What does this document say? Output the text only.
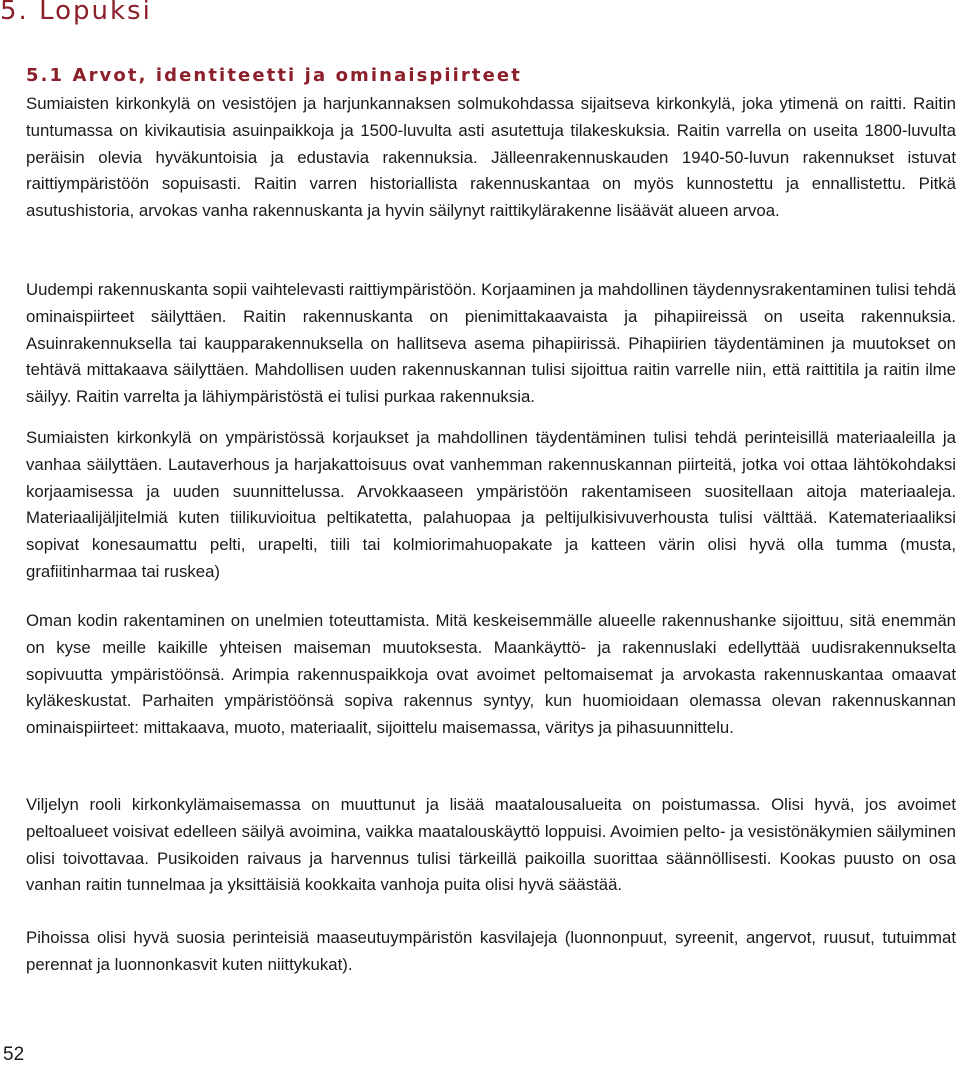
5. Lopuksi
5.1 Arvot, identiteetti ja ominaispiirteet

Sumiaisten kirkonkylä on vesistöjen ja harjunkannaksen solmukohdassa sijaitseva kirkonkylä, joka ytimenä on raitti. Raitin tuntumassa on kivikautisia asuinpaikkoja ja 1500-luvulta asti asutettuja tilakeskuksia. Raitin varrella on useita 1800-luvulta peräisin olevia hyväkuntoisia ja edustavia rakennuksia. Jälleenrakennuskauden 1940-50-luvun rakennukset istuvat raittiympäristöön sopuisasti. Raitin varren historiallista rakennuskantaa on myös kunnostettu ja ennallistettu. Pitkä asutushistoria, arvokas vanha rakennuskanta ja hyvin säilynyt raittikylärakenne lisäävät alueen arvoa.

Uudempi rakennuskanta sopii vaihtelevasti raittiympäristöön. Korjaaminen ja mahdollinen täydennysrakentaminen tulisi tehdä ominaispiirteet säilyttäen. Raitin rakennuskanta on pienimittakaavaista ja pihapiireissä on useita rakennuksia. Asuinrakennuksella tai kaupparakennuksella on hallitseva asema pihapiirissä. Pihapiirien täydentäminen ja muutokset on tehtävä mittakaava säilyttäen. Mahdollisen uuden rakennuskannan tulisi sijoittua raitin varrelle niin, että raittitila ja raitin ilme säilyy. Raitin varrelta ja lähiympäristöstä ei tulisi purkaa rakennuksia.

Sumiaisten kirkonkylä on ympäristössä korjaukset ja mahdollinen täydentäminen tulisi tehdä perinteisillä materiaaleilla ja vanhaa säilyttäen. Lautaverhous ja harjakattoisuus ovat vanhemman rakennuskannan piirteitä, jotka voi ottaa lähtökohdaksi korjaamisessa ja uuden suunnittelussa. Arvokkaaseen ympäristöön rakentamiseen suositellaan aitoja materiaaleja. Materiaalijäljitelmiä kuten tiilikuvioitua peltikatetta, palahuopaa ja peltijulkisivuverhousta tulisi välttää. Katemateriaaliksi sopivat konesaumattu pelti, urapelti, tiili tai kolmiorimahuopakate ja katteen värin olisi hyvä olla tumma (musta, grafiitinharmaa tai ruskea)

Oman kodin rakentaminen on unelmien toteuttamista. Mitä keskeisemmälle alueelle rakennushanke sijoittuu, sitä enemmän on kyse meille kaikille yhteisen maiseman muutoksesta. Maankäyttö- ja rakennuslaki edellyttää uudisrakennukselta sopivuutta ympäristöönsä. Arimpia rakennuspaikkoja ovat avoimet peltomaisemat ja arvokasta rakennuskantaa omaavat kyläkeskustat. Parhaiten ympäristöönsä sopiva rakennus syntyy, kun huomioidaan olemassa olevan rakennuskannan ominaispiirteet: mittakaava, muoto, materiaalit, sijoittelu maisemassa, väritys ja pihasuunnittelu.

Viljelyn rooli kirkonkylämaisemassa on muuttunut ja lisää maatalousalueita on poistumassa. Olisi hyvä, jos avoimet peltoalueet voisivat edelleen säilyä avoimina, vaikka maatalouskäyttö loppuisi. Avoimien pelto- ja vesistönäkymien säilyminen olisi toivottavaa. Pusikoiden raivaus ja harvennus tulisi tärkeillä paikoilla suorittaa säännöllisesti. Kookas puusto on osa vanhan raitin tunnelmaa ja yksittäisiä kookkaita vanhoja puita olisi hyvä säästää.

Pihoissa olisi hyvä suosia perinteisiä maaseutuympäristön kasvilajeja (luonnonpuut, syreenit, angervot, ruusut, tutuimmat perennat ja luonnonkasvit kuten niittykukat).

52
